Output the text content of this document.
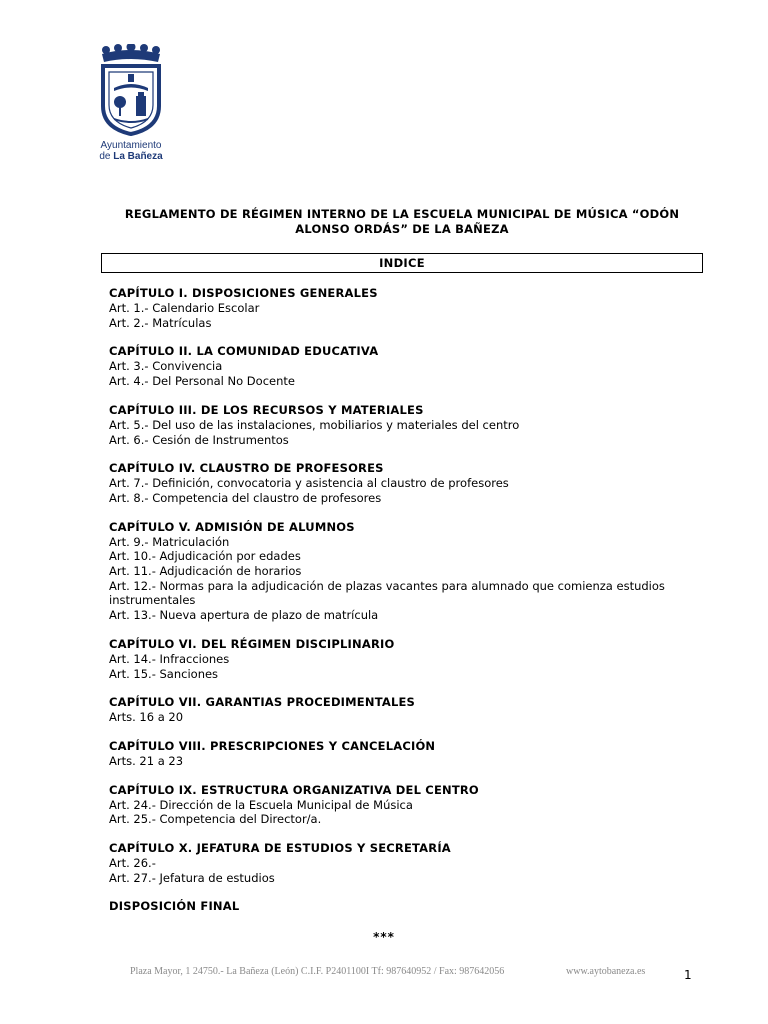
Ayuntamiento
de La Bañeza
REGLAMENTO DE RÉGIMEN INTERNO DE LA ESCUELA MUNICIPAL DE MÚSICA “ODÓN ALONSO ORDÁS” DE LA BAÑEZA
INDICE
CAPÍTULO I. DISPOSICIONES GENERALES
Art. 1.- Calendario Escolar
Art. 2.- Matrículas
CAPÍTULO II. LA COMUNIDAD EDUCATIVA
Art. 3.- Convivencia
Art. 4.- Del Personal No Docente
CAPÍTULO III. DE LOS RECURSOS Y MATERIALES
Art. 5.- Del uso de las instalaciones, mobiliarios y materiales del centro
Art. 6.- Cesión de Instrumentos
CAPÍTULO IV. CLAUSTRO DE PROFESORES
Art. 7.- Definición, convocatoria y asistencia al claustro de profesores
Art. 8.- Competencia del claustro de profesores
CAPÍTULO V. ADMISIÓN DE ALUMNOS
Art. 9.- Matriculación
Art. 10.- Adjudicación por edades
Art. 11.- Adjudicación de horarios
Art. 12.- Normas para la adjudicación de plazas vacantes para alumnado que comienza estudios instrumentales
Art. 13.- Nueva apertura de plazo de matrícula
CAPÍTULO VI. DEL RÉGIMEN DISCIPLINARIO
Art. 14.- Infracciones
Art. 15.- Sanciones
CAPÍTULO VII. GARANTIAS PROCEDIMENTALES
Arts. 16 a 20
CAPÍTULO VIII. PRESCRIPCIONES Y CANCELACIÓN
Arts. 21 a 23
CAPÍTULO IX. ESTRUCTURA ORGANIZATIVA DEL CENTRO
Art. 24.- Dirección de la Escuela Municipal de Música
Art. 25.- Competencia del Director/a.
CAPÍTULO X. JEFATURA DE ESTUDIOS Y SECRETARÍA
Art. 26.-
Art. 27.- Jefatura de estudios
DISPOSICIÓN FINAL
***
Plaza Mayor, 1 24750.- La Bañeza (León) C.I.F. P2401100I Tf: 987640952 / Fax: 987642056	www.aytobaneza.es	1
